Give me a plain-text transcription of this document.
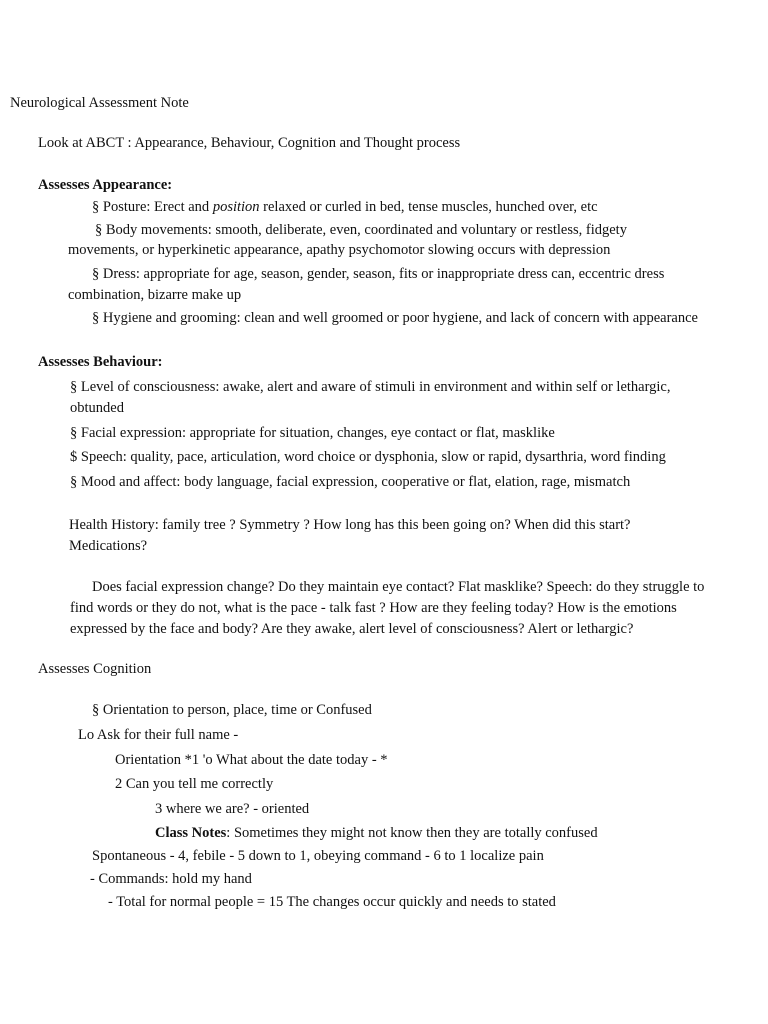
Neurological Assessment Note
Look at ABCT : Appearance, Behaviour, Cognition and Thought process
Assesses Appearance:
§ Posture: Erect and position relaxed or curled in bed, tense muscles, hunched over, etc
§ Body movements: smooth, deliberate, even, coordinated and voluntary or restless, fidgety
movements, or hyperkinetic appearance, apathy psychomotor slowing occurs with depression
§ Dress: appropriate for age, season, gender, season, fits or inappropriate dress can, eccentric dress
combination, bizarre make up
§ Hygiene and grooming: clean and well groomed or poor hygiene, and lack of concern with appearance
Assesses Behaviour:
§ Level of consciousness: awake, alert and aware of stimuli in environment and within self or lethargic,
obtunded
§ Facial expression: appropriate for situation, changes, eye contact or flat, masklike
$ Speech: quality, pace, articulation, word choice or dysphonia, slow or rapid, dysarthria, word finding
§ Mood and affect: body language, facial expression, cooperative or flat, elation, rage, mismatch
Health History: family tree ? Symmetry ? How long has this been going on? When did this start?
Medications?
Does facial expression change? Do they maintain eye contact? Flat masklike? Speech: do they struggle to
find words or they do not, what is the pace - talk fast ? How are they feeling today? How is the emotions
expressed by the face and body? Are they awake, alert level of consciousness? Alert or lethargic?
Assesses Cognition
§ Orientation to person, place, time or Confused
Lo Ask for their full name -
Orientation *1 'o What about the date today - *
2 Can you tell me correctly
3 where we are? - oriented
Class Notes: Sometimes they might not know then they are totally confused
Spontaneous - 4, febile - 5 down to 1, obeying command - 6 to 1 localize pain
- Commands: hold my hand
- Total for normal people = 15 The changes occur quickly and needs to stated
